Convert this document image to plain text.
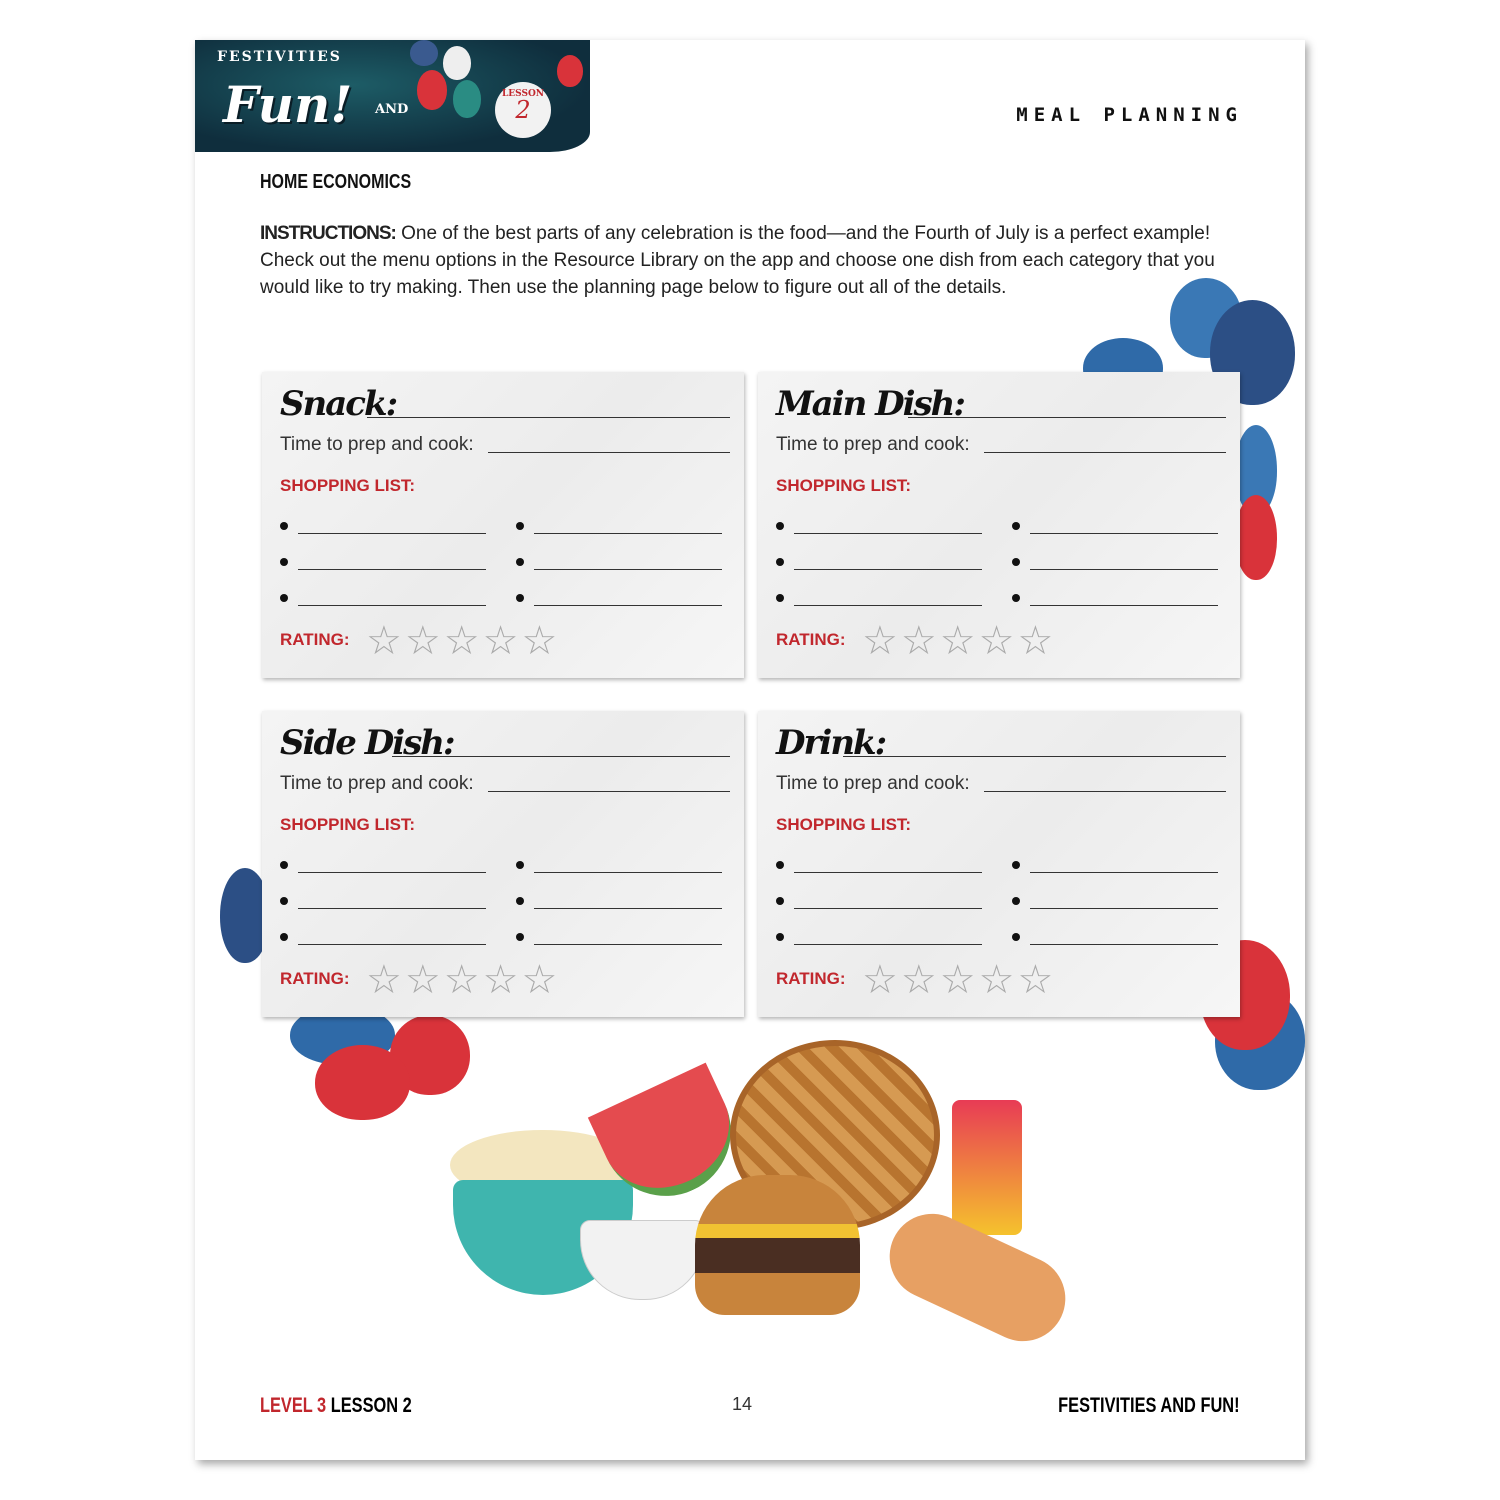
FESTIVITIES
Fun! AND
LESSON
2	MEAL PLANNING
HOME ECONOMICS

INSTRUCTIONS: One of the best parts of any celebration is the food—and the Fourth of July is a perfect example! Check out the menu options in the Resource Library on the app and choose one dish from each category that you would like to try making. Then use the planning page below to figure out all of the details.

LEVEL 3 LESSON 2	14	FESTIVITIES AND FUN!
Snack:
Time to prep and cook:
SHOPPING LIST:
RATING: ☆☆☆☆☆
Main Dish:
Time to prep and cook:
SHOPPING LIST:
RATING: ☆☆☆☆☆
Side Dish:
Time to prep and cook:
SHOPPING LIST:
RATING: ☆☆☆☆☆
Drink:
Time to prep and cook:
SHOPPING LIST:
RATING: ☆☆☆☆☆
